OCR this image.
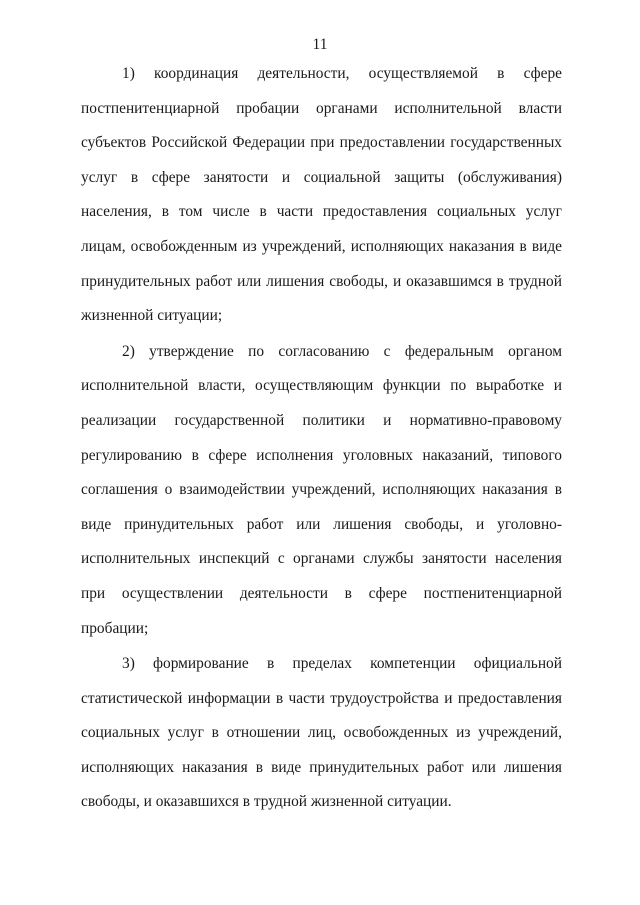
11

1) координация деятельности, осуществляемой в сфере постпенитенциарной пробации органами исполнительной власти субъектов Российской Федерации при предоставлении государственных услуг в сфере занятости и социальной защиты (обслуживания) населения, в том числе в части предоставления социальных услуг лицам, освобожденным из учреждений, исполняющих наказания в виде принудительных работ или лишения свободы, и оказавшимся в трудной жизненной ситуации;

2) утверждение по согласованию с федеральным органом исполнительной власти, осуществляющим функции по выработке и реализации государственной политики и нормативно-правовому регулированию в сфере исполнения уголовных наказаний, типового соглашения о взаимодействии учреждений, исполняющих наказания в виде принудительных работ или лишения свободы, и уголовно-исполнительных инспекций с органами службы занятости населения при осуществлении деятельности в сфере постпенитенциарной пробации;

3) формирование в пределах компетенции официальной статистической информации в части трудоустройства и предоставления социальных услуг в отношении лиц, освобожденных из учреждений, исполняющих наказания в виде принудительных работ или лишения свободы, и оказавшихся в трудной жизненной ситуации.
